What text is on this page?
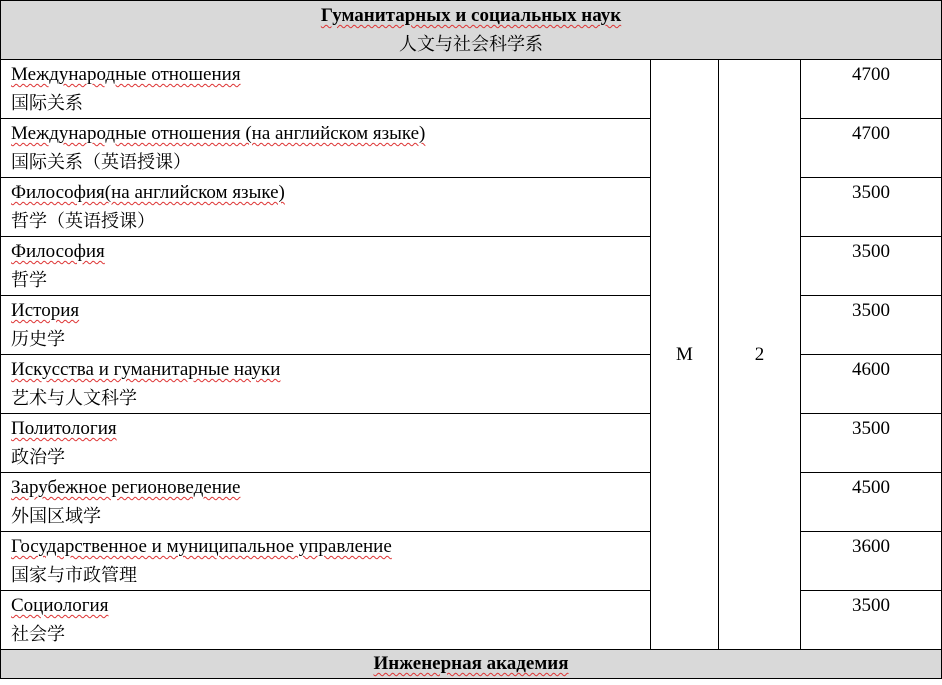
Гуманитарных и социальных наук
人文与社会科学系			

Международные отношения
国际关系	M	2	4700

Международные отношения (на английском языке)
国际关系（英语授课）			4700

Философия(на английском языке)
哲学（英语授课）			3500

Философия
哲学			3500

История
历史学			3500

Искусства и гуманитарные науки
艺术与人文科学			4600

Политология
政治学			3500

Зарубежное регионоведение
外国区域学			4500

Государственное и муниципальное управление
国家与市政管理			3600

Социология
社会学			3500
Инженерная академия			
